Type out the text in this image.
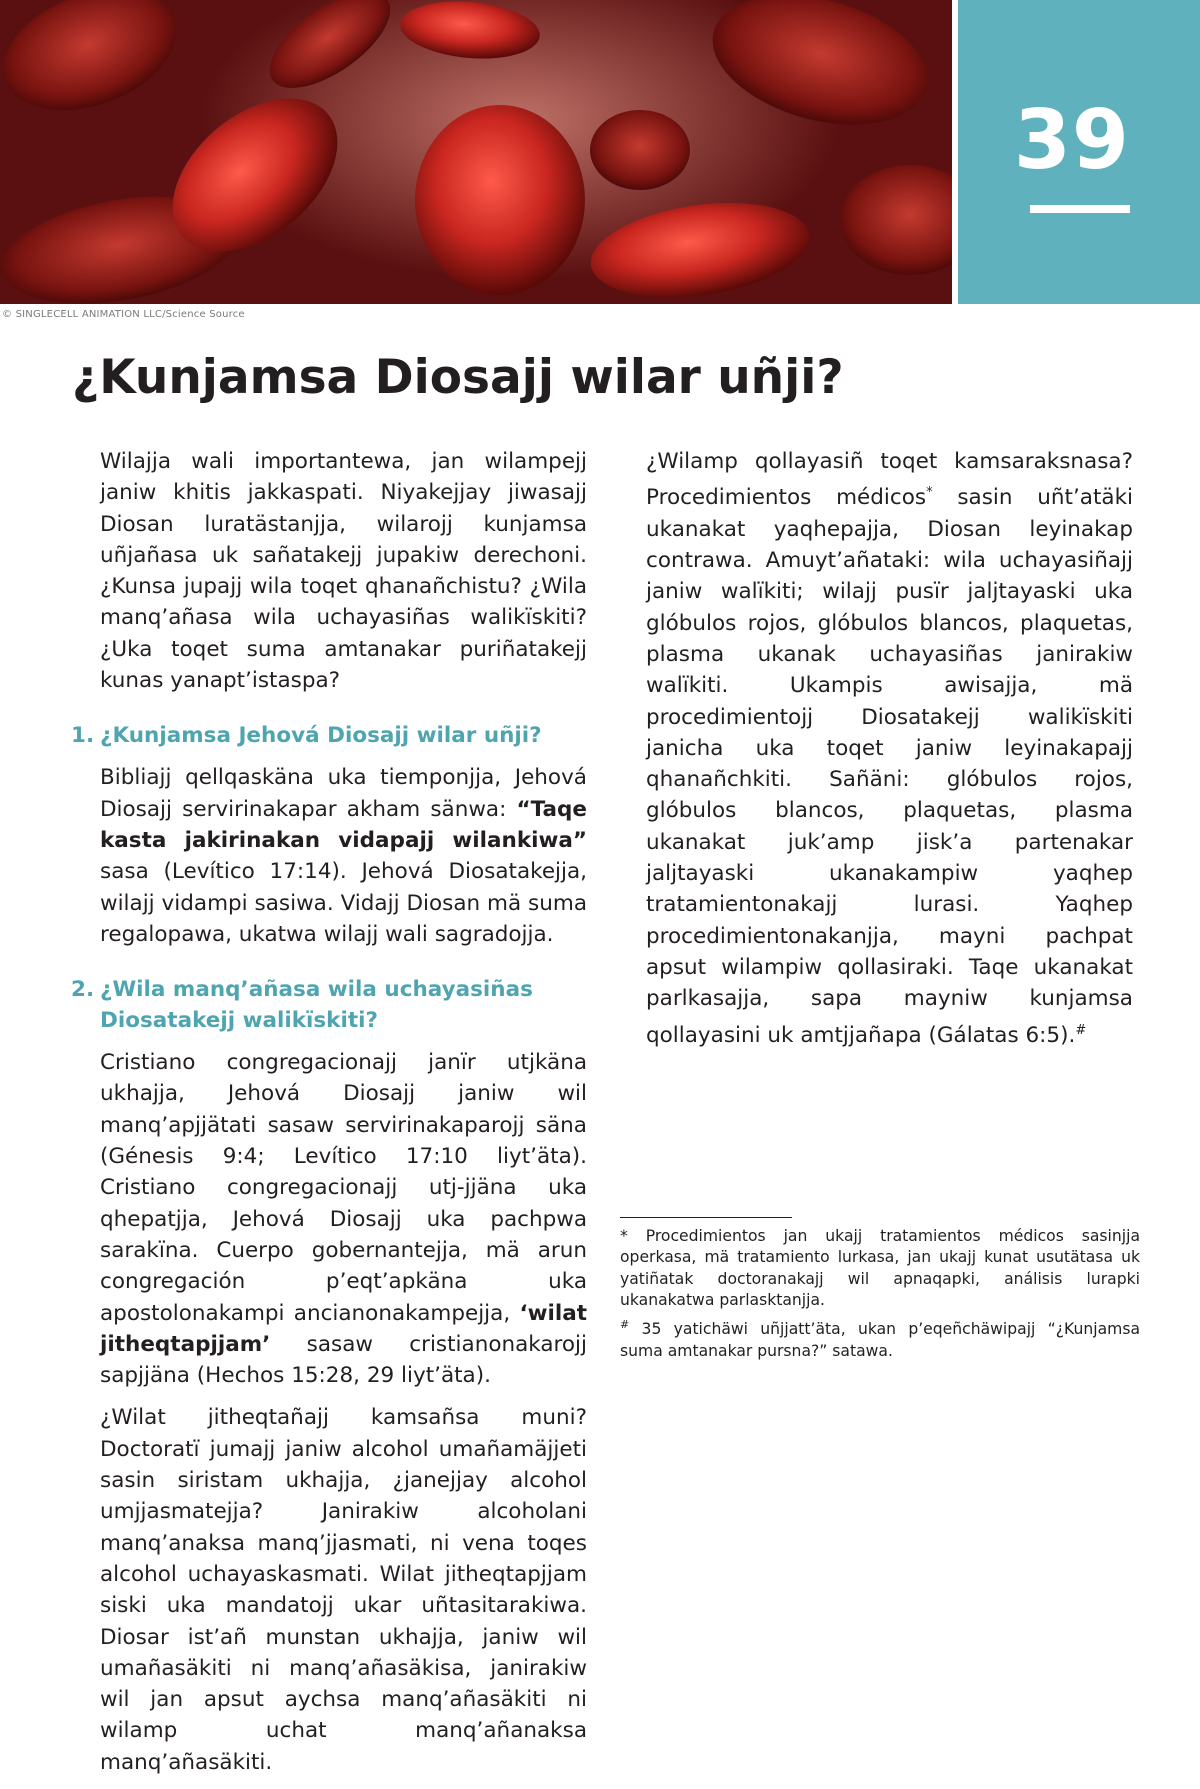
39
© SINGLECELL ANIMATION LLC/Science Source
¿Kunjamsa Diosajj wilar uñji?

Wilajja wali importantewa, jan wilampejj janiw khitis jakkaspati. Niyakejjay jiwasajj Diosan luratästanjja, wilarojj kunjamsa uñjañasa uk sañatakejj jupakiw derechoni. ¿Kunsa jupajj wila toqet qhanañchistu? ¿Wila manq’añasa wila uchayasiñas walikïskiti? ¿Uka toqet suma amtanakar puriñatakejj kunas yanapt’istaspa?

1. ¿Kunjamsa Jehová Diosajj wilar uñji?

Bibliajj qellqaskäna uka tiemponjja, Jehová Diosajj servirinakapar akham sänwa: “Taqe kasta jakirinakan vidapajj wilankiwa” sasa (Levítico 17:14). Jehová Diosatakejja, wilajj vidampi sasiwa. Vidajj Diosan mä suma regalopawa, ukatwa wilajj wali sagradojja.

2. ¿Wila manq’añasa wila uchayasiñas Diosatakejj walikïskiti?

Cristiano congregacionajj janïr utjkäna ukhajja, Jehová Diosajj janiw wil manq’apjjätati sasaw servirinakaparojj säna (Génesis 9:4; Levítico 17:10 liyt’äta). Cristiano congregacionajj utj-jjäna uka qhepatjja, Jehová Diosajj uka pachpwa sarakïna. Cuerpo gobernantejja, mä arun congregación p’eqt’apkäna uka apostolonakampi ancianonakampejja, ‘wilat jitheqtapjjam’ sasaw cristianonakarojj sapjjäna (Hechos 15:28, 29 liyt’äta).

¿Wilat jitheqtañajj kamsañsa muni? Doctoratï jumajj janiw alcohol umañamäjjeti sasin siristam ukhajja, ¿janejjay alcohol umjjasmatejja? Janirakiw alcoholani manq’anaksa manq’jjasmati, ni vena toqes alcohol uchayaskasmati. Wilat jitheqtapjjam siski uka mandatojj ukar uñtasitarakiwa. Diosar ist’añ munstan ukhajja, janiw wil umañasäkiti ni manq’añasäkisa, janirakiw wil jan apsut aychsa manq’añasäkiti ni wilamp uchat manq’añanaksa manq’añasäkiti.

¿Wilamp qollayasiñ toqet kamsaraksnasa? Procedimientos médicos* sasin uñt’atäki ukanakat yaqhepajja, Diosan leyinakap contrawa. Amuyt’añataki: wila uchayasiñajj janiw walïkiti; wilajj pusïr jaljtayaski uka glóbulos rojos, glóbulos blancos, plaquetas, plasma ukanak uchayasiñas janirakiw walïkiti. Ukampis awisajja, mä procedimientojj Diosatakejj walikïskiti janicha uka toqet janiw leyinakapajj qhanañchkiti. Sañäni: glóbulos rojos, glóbulos blancos, plaquetas, plasma ukanakat juk’amp jisk’a partenakar jaljtayaski ukanakampiw yaqhep tratamientonakajj lurasi. Yaqhep procedimientonakanjja, mayni pachpat apsut wilampiw qollasiraki. Taqe ukanakat parlkasajja, sapa mayniw kunjamsa qollayasini uk amtjjañapa (Gálatas 6:5).#

* Procedimientos jan ukajj tratamientos médicos sasinjja operkasa, mä tratamiento lurkasa, jan ukajj kunat usutätasa uk yatiñatak doctoranakajj wil apnaqapki, análisis lurapki ukanakatwa parlasktanjja.

# 35 yatichäwi uñjjatt’äta, ukan p’eqeñchäwipajj “¿Kunjamsa suma amtanakar pursna?” satawa.
